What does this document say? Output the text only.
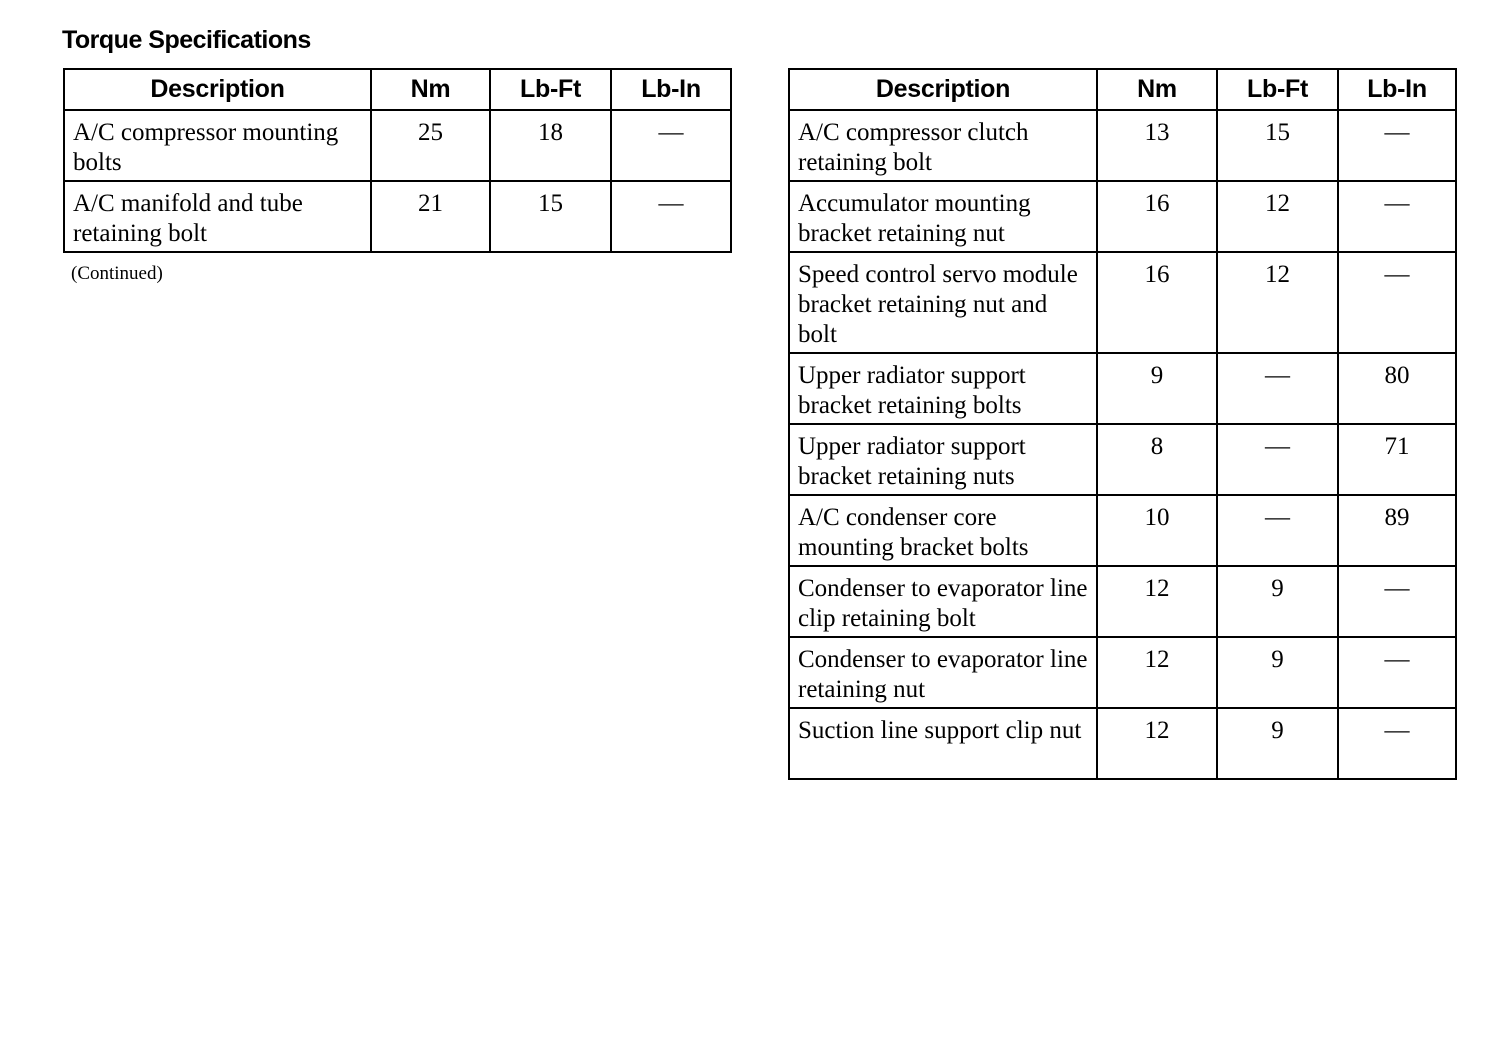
Torque Specifications
Description	Nm	Lb-Ft	Lb-In
A/C compressor mounting bolts	25	18	—
A/C manifold and tube retaining bolt	21	15	—
(Continued)
Description	Nm	Lb-Ft	Lb-In
A/C compressor clutch retaining bolt	13	15	—
Accumulator mounting bracket retaining nut	16	12	—
Speed control servo module bracket retaining nut and bolt	16	12	—
Upper radiator support bracket retaining bolts	9	—	80
Upper radiator support bracket retaining nuts	8	—	71
A/C condenser core mounting bracket bolts	10	—	89
Condenser to evaporator line clip retaining bolt	12	9	—
Condenser to evaporator line retaining nut	12	9	—
Suction line support clip nut	12	9	—
